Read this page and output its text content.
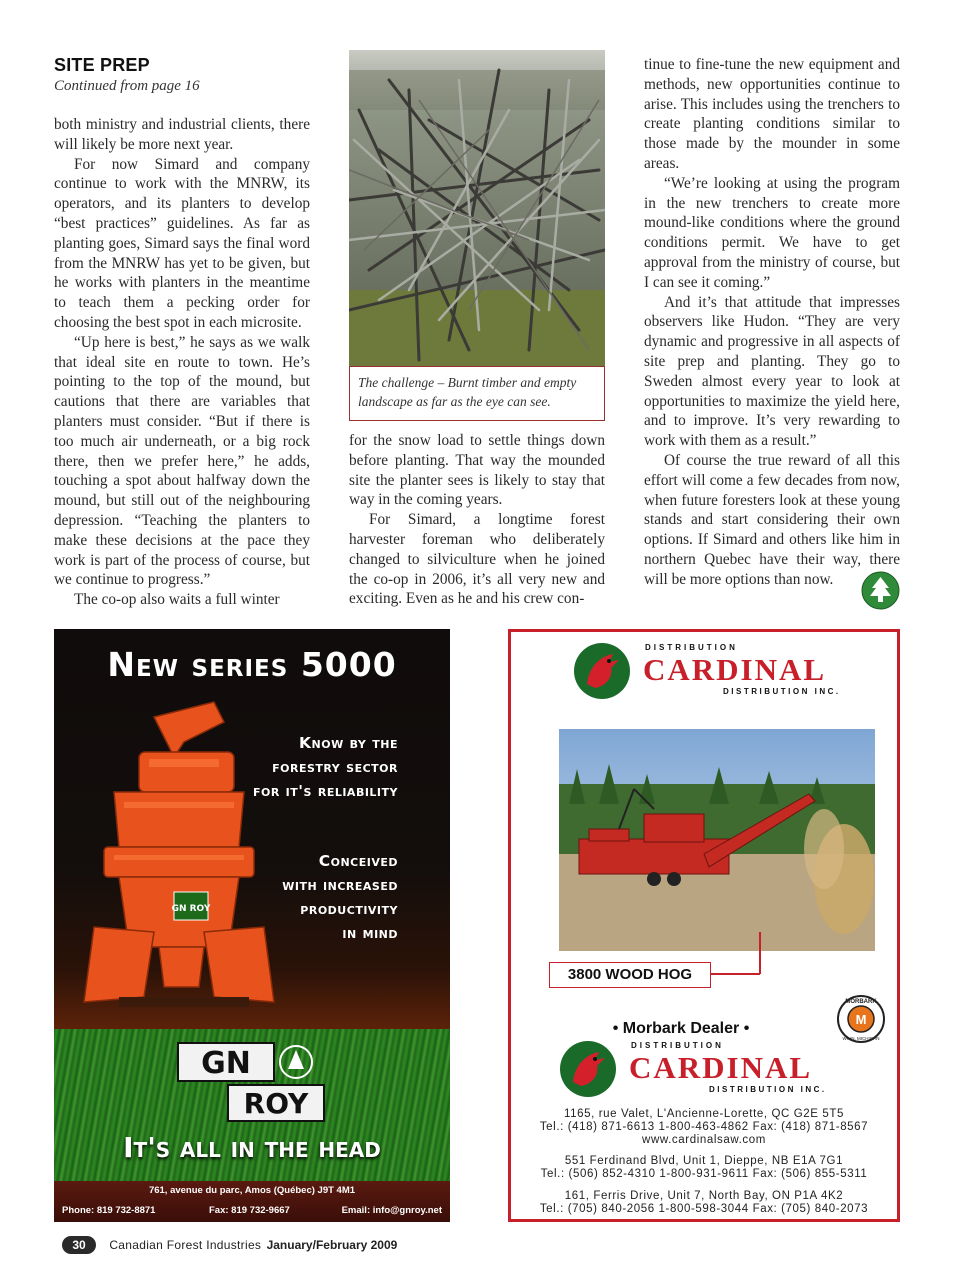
SITE PREP
Continued from page 16

both ministry and industrial clients, there will likely be more next year.

For now Simard and company continue to work with the MNRW, its operators, and its planters to develop “best practices” guidelines. As far as planting goes, Simard says the final word from the MNRW has yet to be given, but he works with planters in the meantime to teach them a pecking order for choosing the best spot in each microsite.

“Up here is best,” he says as we walk that ideal site en route to town. He’s pointing to the top of the mound, but cautions that there are variables that planters must consider. “But if there is too much air underneath, or a big rock there, then we prefer here,” he adds, touching a spot about halfway down the mound, but still out of the neighbouring depression. “Teaching the planters to make these decisions at the pace they work is part of the process of course, but we continue to progress.”

The co-op also waits a full winter

The challenge – Burnt timber and empty landscape as far as the eye can see.

for the snow load to settle things down before planting. That way the mounded site the planter sees is likely to stay that way in the coming years.

For Simard, a longtime forest harvester foreman who deliberately changed to silviculture when he joined the co-op in 2006, it’s all very new and exciting. Even as he and his crew con-

tinue to fine-tune the new equipment and methods, new opportunities continue to arise. This includes using the trenchers to create planting conditions similar to those made by the mounder in some areas.

“We’re looking at using the program in the new trenchers to create more mound-like conditions where the ground conditions permit. We have to get approval from the ministry of course, but I can see it coming.”

And it’s that attitude that impresses observers like Hudon. “They are very dynamic and progressive in all aspects of site prep and planting. They go to Sweden almost every year to look at opportunities to maximize the yield here, and to improve. It’s very rewarding to work with them as a result.”

Of course the true reward of all this effort will come a few decades from now, when future foresters look at these young stands and start considering their own options. If Simard and others like him in northern Quebec have their way, there will be more options than now.

New series 5000
GN ROY
Know by the
forestry sector
for it's reliability
Conceived
with increased
productivity
in mind
GN
ROY
It's all in the head
761, avenue du parc, Amos (Québec) J9T 4M1
Phone: 819 732-8871	Fax: 819 732-9667	Email: info@gnroy.net
DISTRIBUTION
CARDINAL
DISTRIBUTION INC.
3800 WOOD HOG
• Morbark Dealer •
M
MORBARK
WINN, MICHIGAN
DISTRIBUTION
CARDINAL
DISTRIBUTION INC.
1165, rue Valet, L'Ancienne-Lorette, QC G2E 5T5
Tel.: (418) 871-6613 1-800-463-4862 Fax: (418) 871-8567
www.cardinalsaw.com
551 Ferdinand Blvd, Unit 1, Dieppe, NB E1A 7G1
Tel.: (506) 852-4310 1-800-931-9611 Fax: (506) 855-5311
161, Ferris Drive, Unit 7, North Bay, ON P1A 4K2
Tel.: (705) 840-2056 1-800-598-3044 Fax: (705) 840-2073
30 Canadian Forest Industries January/February 2009
